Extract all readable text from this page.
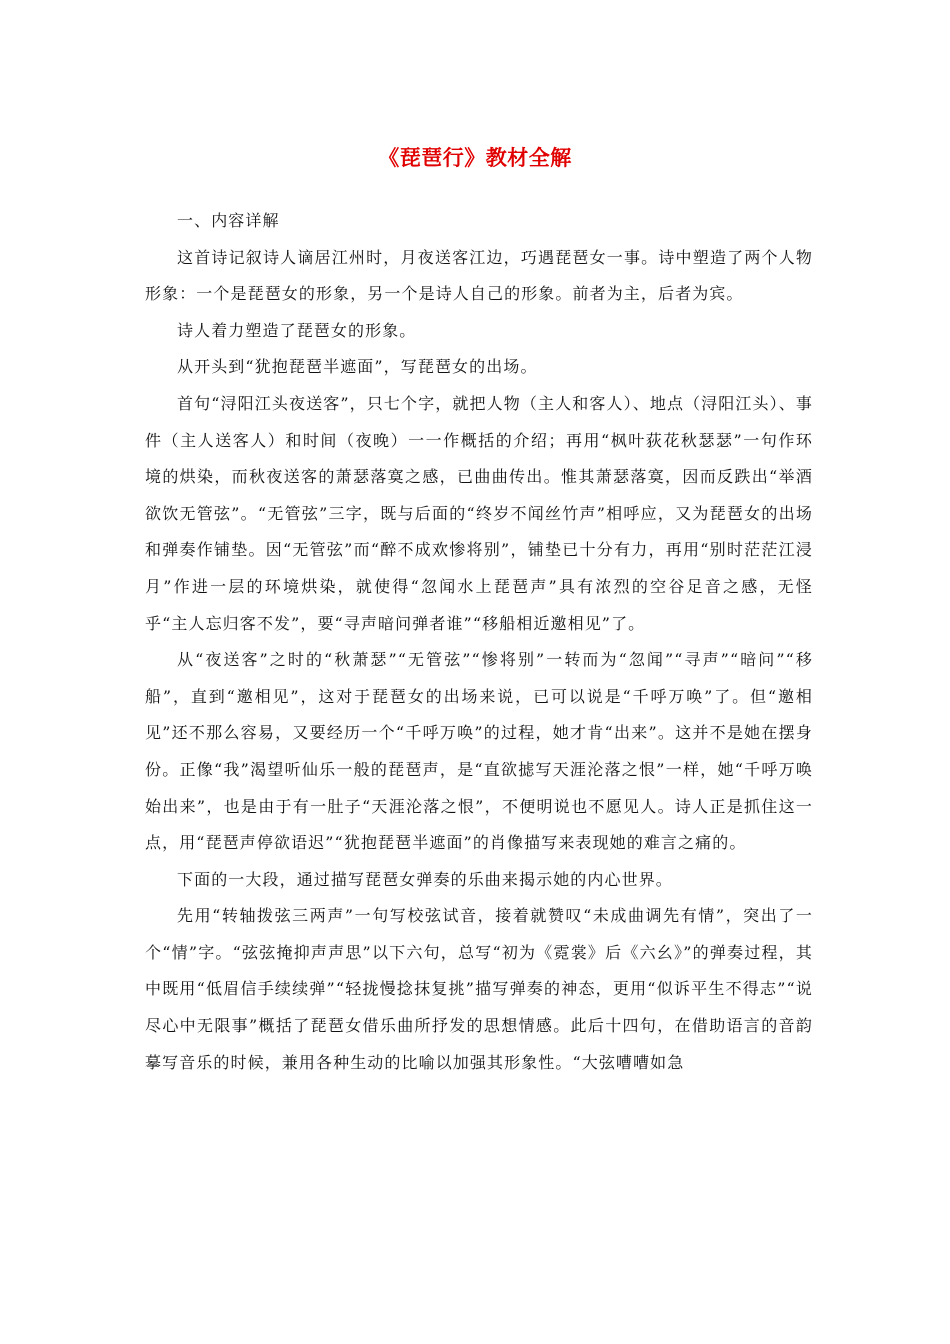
《琵琶行》教材全解

一、内容详解

这首诗记叙诗人谪居江州时，月夜送客江边，巧遇琵琶女一事。诗中塑造了两个人物形象：一个是琵琶女的形象，另一个是诗人自己的形象。前者为主，后者为宾。

诗人着力塑造了琵琶女的形象。

从开头到“犹抱琵琶半遮面”，写琵琶女的出场。

首句“浔阳江头夜送客”，只七个字，就把人物（主人和客人）、地点（浔阳江头）、事件（主人送客人）和时间（夜晚）一一作概括的介绍；再用“枫叶荻花秋瑟瑟”一句作环境的烘染，而秋夜送客的萧瑟落寞之感，已曲曲传出。惟其萧瑟落寞，因而反跌出“举酒欲饮无管弦”。“无管弦”三字，既与后面的“终岁不闻丝竹声”相呼应，又为琵琶女的出场和弹奏作铺垫。因“无管弦”而“醉不成欢惨将别”，铺垫已十分有力，再用“别时茫茫江浸月”作进一层的环境烘染，就使得“忽闻水上琵琶声”具有浓烈的空谷足音之感，无怪乎“主人忘归客不发”，要“寻声暗问弹者谁”“移船相近邀相见”了。

从“夜送客”之时的“秋萧瑟”“无管弦”“惨将别”一转而为“忽闻”“寻声”“暗问”“移船”，直到“邀相见”，这对于琵琶女的出场来说，已可以说是“千呼万唤”了。但“邀相见”还不那么容易，又要经历一个“千呼万唤”的过程，她才肯“出来”。这并不是她在摆身份。正像“我”渴望听仙乐一般的琵琶声，是“直欲摅写天涯沦落之恨”一样，她“千呼万唤始出来”，也是由于有一肚子“天涯沦落之恨”，不便明说也不愿见人。诗人正是抓住这一点，用“琵琶声停欲语迟”“犹抱琵琶半遮面”的肖像描写来表现她的难言之痛的。

下面的一大段，通过描写琵琶女弹奏的乐曲来揭示她的内心世界。

先用“转轴拨弦三两声”一句写校弦试音，接着就赞叹“未成曲调先有情”，突出了一个“情”字。“弦弦掩抑声声思”以下六句，总写“初为《霓裳》后《六幺》”的弹奏过程，其中既用“低眉信手续续弹”“轻拢慢捻抹复挑”描写弹奏的神态，更用“似诉平生不得志”“说尽心中无限事”概括了琵琶女借乐曲所抒发的思想情感。此后十四句，在借助语言的音韵摹写音乐的时候，兼用各种生动的比喻以加强其形象性。“大弦嘈嘈如急
